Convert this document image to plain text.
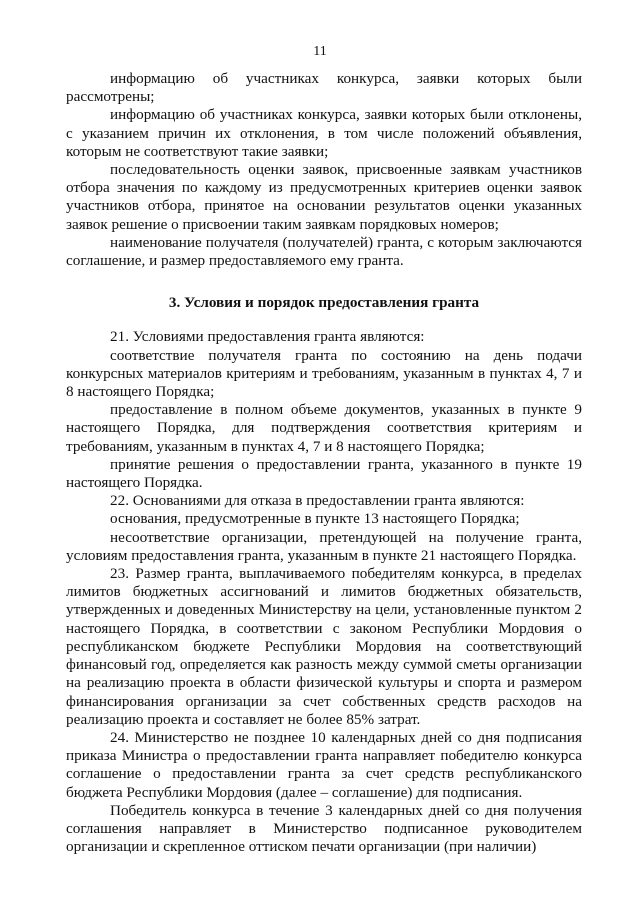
11

информацию об участниках конкурса, заявки которых были рассмотрены;

информацию об участниках конкурса, заявки которых были отклонены, с указанием причин их отклонения, в том числе положений объявления, которым не соответствуют такие заявки;

последовательность оценки заявок, присвоенные заявкам участников отбора значения по каждому из предусмотренных критериев оценки заявок участников отбора, принятое на основании результатов оценки указанных заявок решение о присвоении таким заявкам порядковых номеров;

наименование получателя (получателей) гранта, с которым заключаются соглашение, и размер предоставляемого ему гранта.

3. Условия и порядок предоставления гранта

21. Условиями предоставления гранта являются:

соответствие получателя гранта по состоянию на день подачи конкурсных материалов критериям и требованиям, указанным в пунктах 4, 7 и 8 настоящего Порядка;

предоставление в полном объеме документов, указанных в пункте 9 настоящего Порядка, для подтверждения соответствия критериям и требованиям, указанным в пунктах 4, 7 и 8 настоящего Порядка;

принятие решения о предоставлении гранта, указанного в пункте 19 настоящего Порядка.

22. Основаниями для отказа в предоставлении гранта являются:

основания, предусмотренные в пункте 13 настоящего Порядка;

несоответствие организации, претендующей на получение гранта, условиям предоставления гранта, указанным в пункте 21 настоящего Порядка.

23. Размер гранта, выплачиваемого победителям конкурса, в пределах лимитов бюджетных ассигнований и лимитов бюджетных обязательств, утвержденных и доведенных Министерству на цели, установленные пунктом 2 настоящего Порядка, в соответствии с законом Республики Мордовия о республиканском бюджете Республики Мордовия на соответствующий финансовый год, определяется как разность между суммой сметы организации на реализацию проекта в области физической культуры и спорта и размером финансирования организации за счет собственных средств расходов на реализацию проекта и составляет не более 85% затрат.

24. Министерство не позднее 10 календарных дней со дня подписания приказа Министра о предоставлении гранта направляет победителю конкурса соглашение о предоставлении гранта за счет средств республиканского бюджета Республики Мордовия (далее – соглашение) для подписания.

Победитель конкурса в течение 3 календарных дней со дня получения соглашения направляет в Министерство подписанное руководителем организации и скрепленное оттиском печати организации (при наличии)
